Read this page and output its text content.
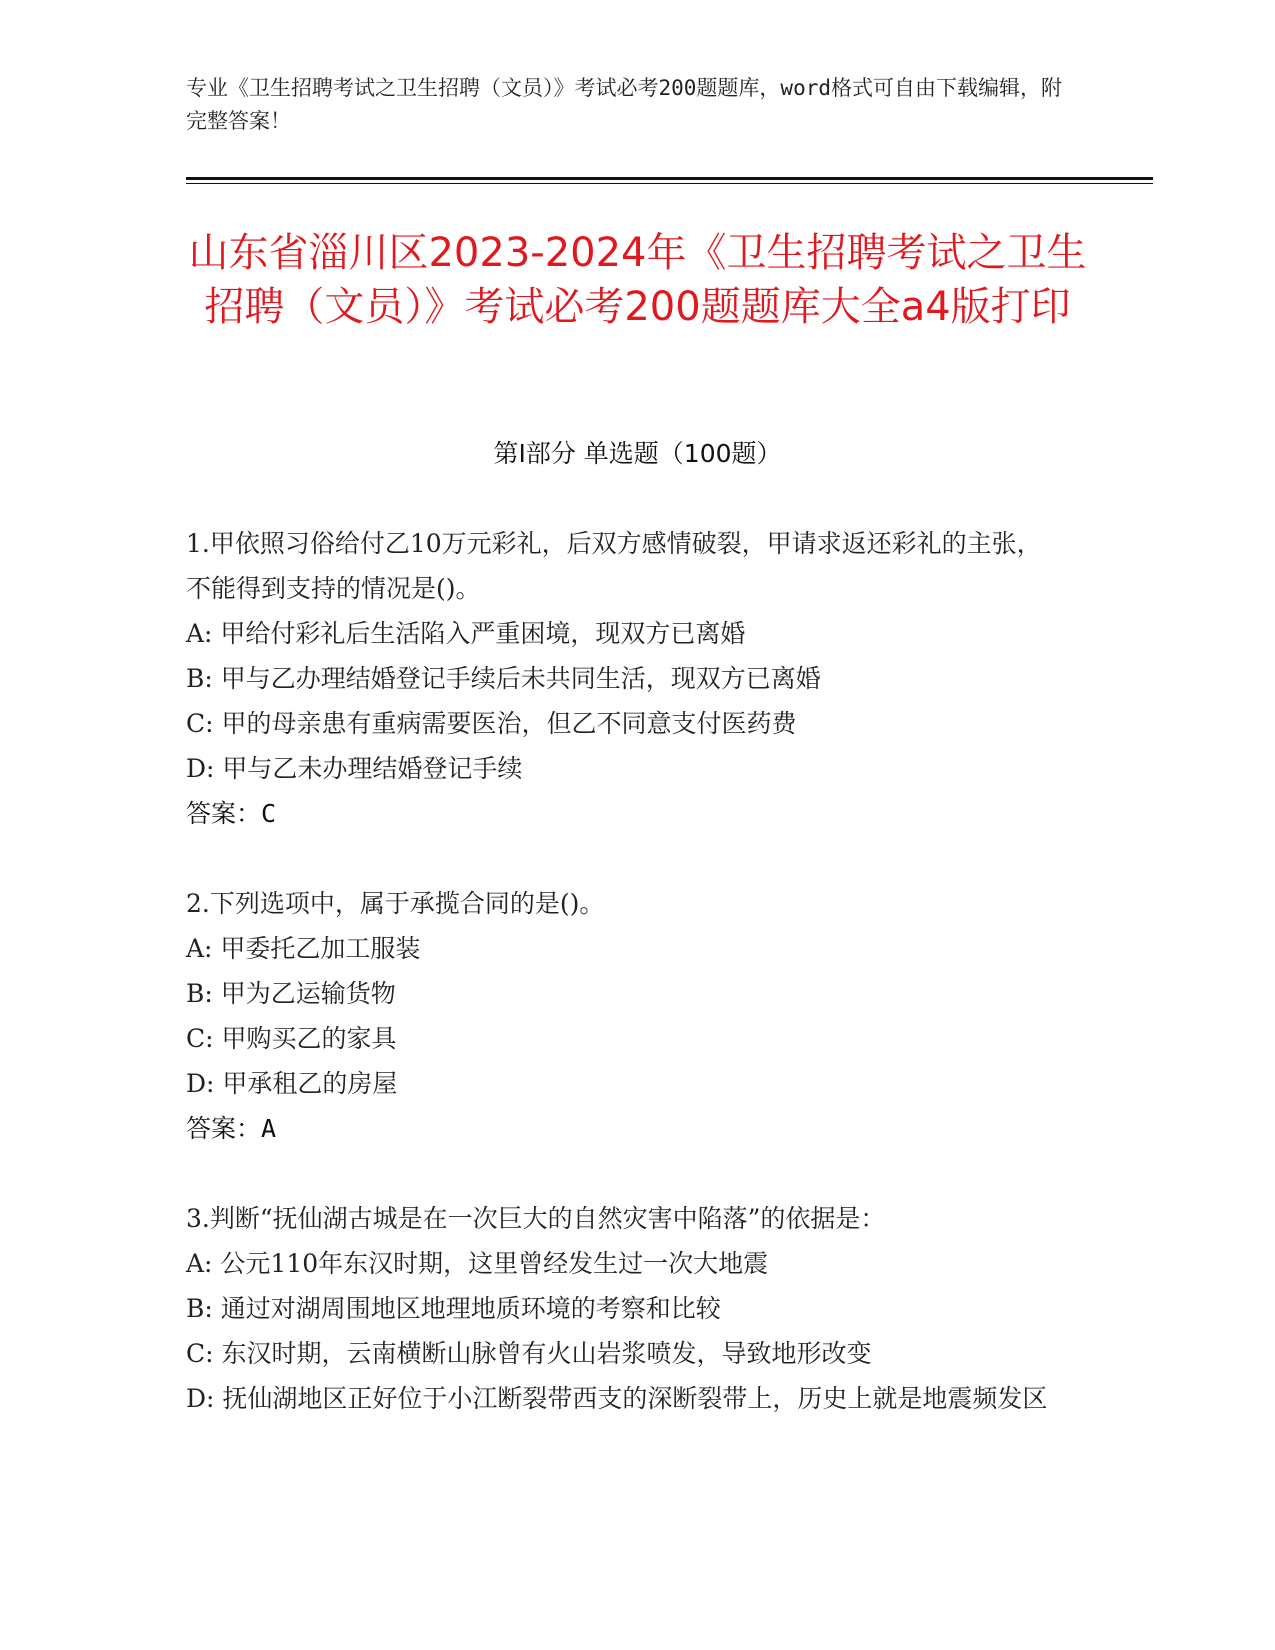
专业《卫生招聘考试之卫生招聘（文员）》考试必考200题题库，word格式可自由下载编辑，附完整答案！
山东省淄川区2023-2024年《卫生招聘考试之卫生招聘（文员）》考试必考200题题库大全a4版打印
第Ⅰ部分 单选题（100题）
1.甲依照习俗给付乙10万元彩礼，后双方感情破裂，甲请求返还彩礼的主张，不能得到支持的情况是()。
A: 甲给付彩礼后生活陷入严重困境，现双方已离婚
B: 甲与乙办理结婚登记手续后未共同生活，现双方已离婚
C: 甲的母亲患有重病需要医治，但乙不同意支付医药费
D: 甲与乙未办理结婚登记手续
答案：C
2.下列选项中，属于承揽合同的是()。
A: 甲委托乙加工服装
B: 甲为乙运输货物
C: 甲购买乙的家具
D: 甲承租乙的房屋
答案：A
3.判断“抚仙湖古城是在一次巨大的自然灾害中陷落”的依据是：
A: 公元110年东汉时期，这里曾经发生过一次大地震
B: 通过对湖周围地区地理地质环境的考察和比较
C: 东汉时期，云南横断山脉曾有火山岩浆喷发，导致地形改变
D: 抚仙湖地区正好位于小江断裂带西支的深断裂带上，历史上就是地震频发区
